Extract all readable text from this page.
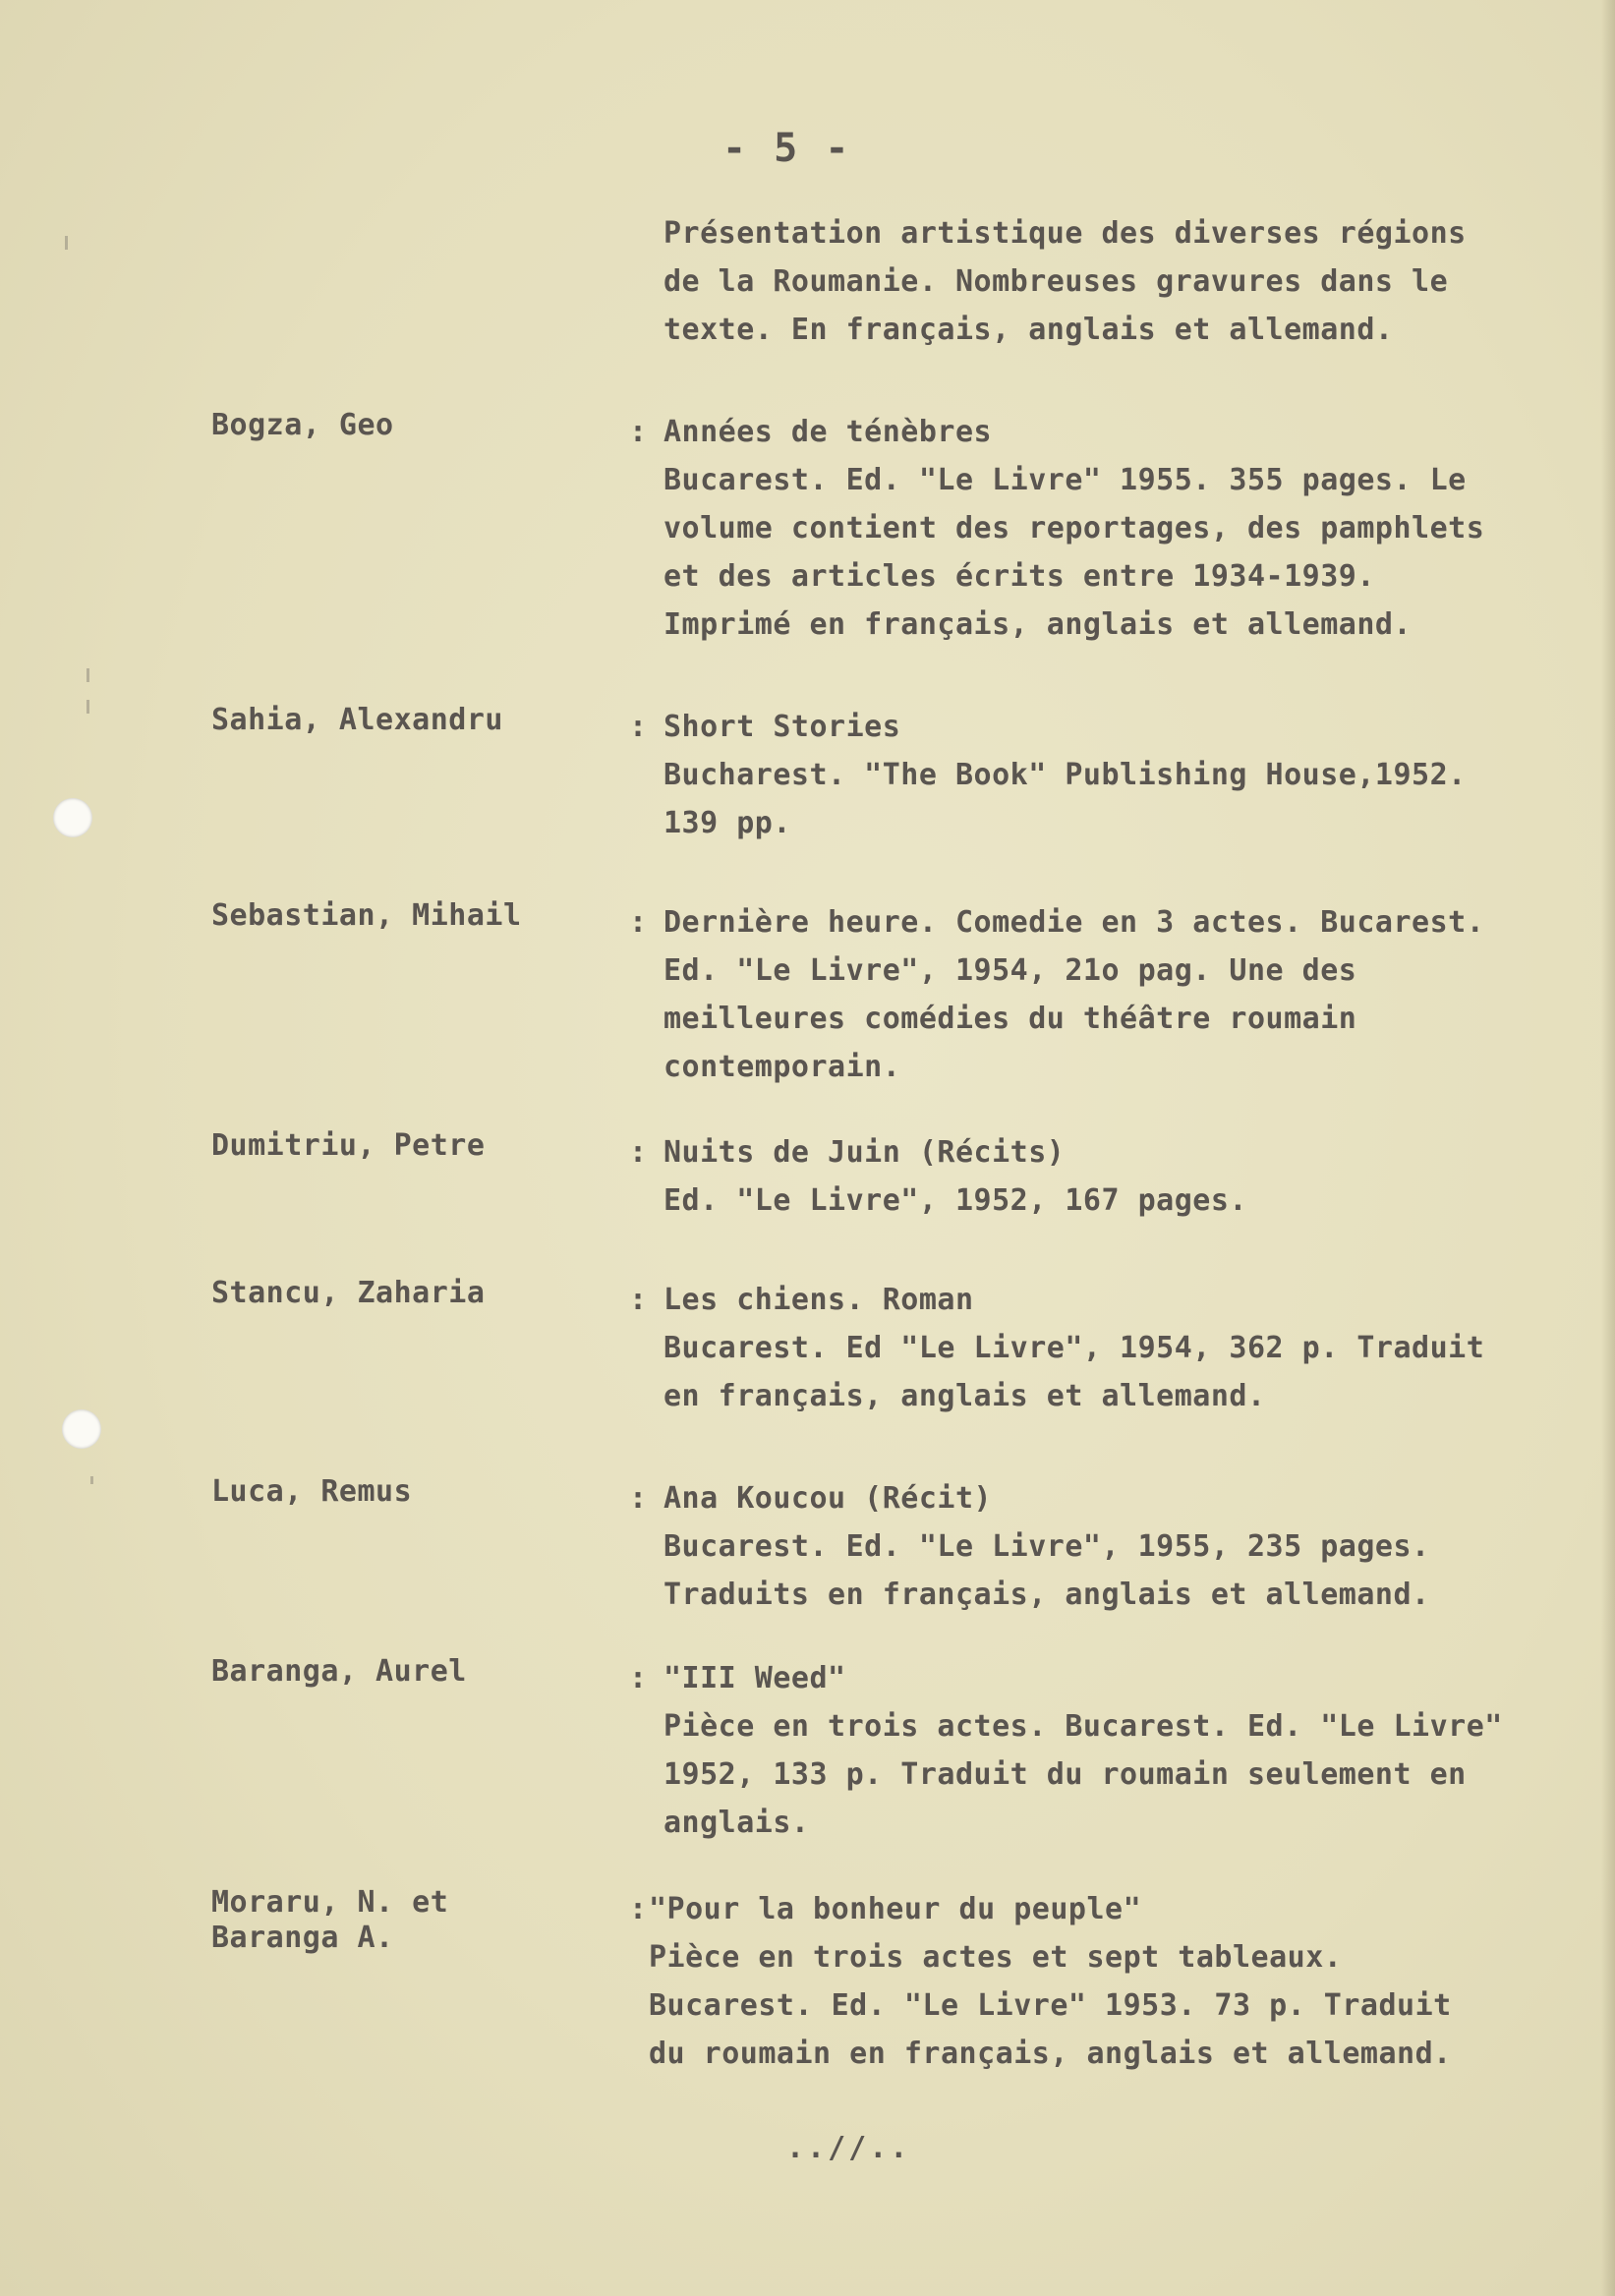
- 5 -
Présentation artistique des diverses régions
de la Roumanie. Nombreuses gravures dans le
texte. En français, anglais et allemand.
Bogza, Geo	: Années de ténèbres
Bucarest. Ed. "Le Livre" 1955. 355 pages. Le
volume contient des reportages, des pamphlets
et des articles écrits entre 1934-1939.
Imprimé en français, anglais et allemand.
Sahia, Alexandru	: Short Stories
Bucharest. "The Book" Publishing House,1952.
139 pp.
Sebastian, Mihail	: Dernière heure. Comedie en 3 actes. Bucarest.
Ed. "Le Livre", 1954, 21o pag. Une des
meilleures comédies du théâtre roumain
contemporain.
Dumitriu, Petre	: Nuits de Juin (Récits)
Ed. "Le Livre", 1952, 167 pages.
Stancu, Zaharia	: Les chiens. Roman
Bucarest. Ed "Le Livre", 1954, 362 p. Traduit
en français, anglais et allemand.
Luca, Remus	: Ana Koucou (Récit)
Bucarest. Ed. "Le Livre", 1955, 235 pages.
Traduits en français, anglais et allemand.
Baranga, Aurel	: "III Weed"
Pièce en trois actes. Bucarest. Ed. "Le Livre"
1952, 133 p. Traduit du roumain seulement en
anglais.
Moraru, N. et
Baranga A.
: "Pour la bonheur du peuple"
Pièce en trois actes et sept tableaux.
Bucarest. Ed. "Le Livre" 1953. 73 p. Traduit
du roumain en français, anglais et allemand.
..//..
